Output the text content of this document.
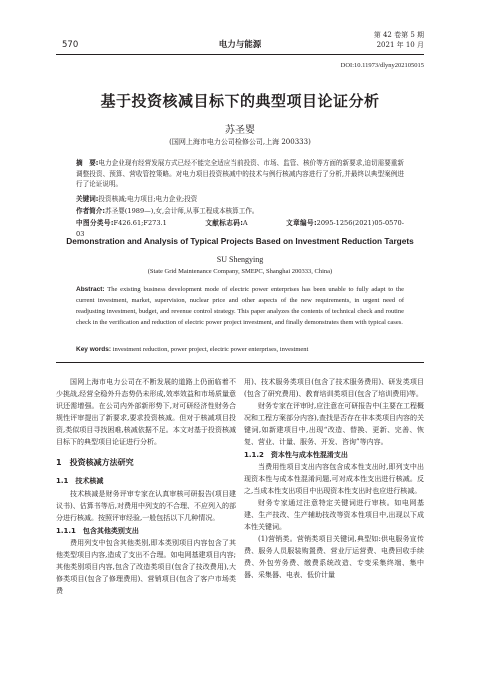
570	电力与能源
第 42 卷第 5 期
2021 年 10 月
DOI:10.11973/dlyny202105015
基于投资核减目标下的典型项目论证分析
苏圣婴
(国网上海市电力公司检修公司,上海 200333)
摘　要:电力企业现有经营发展方式已经不能完全适应当前投资、市场、监管、核价等方面的新要求,迫切需要重新调整投资、预算、营收管控策略。对电力项目投资核减中的技术与例行核减内容进行了分析,并最终以典型案例进行了论证说明。
关键词:投资核减;电力项目;电力企业;投资
作者简介:苏圣婴(1989—),女,会计师,从事工程成本核算工作。
中图分类号:F426.61;F273.1	文献标志码:A	文章编号:2095-1256(2021)05-0570-03
Demonstration and Analysis of Typical Projects Based on Investment Reduction Targets
SU Shengying
(State Grid Maintenance Company, SMEPC, Shanghai 200333, China)
Abstract: The existing business development mode of electric power enterprises has been unable to fully adapt to the current investment, market, supervision, nuclear price and other aspects of the new requirements, in urgent need of readjusting investment, budget, and revenue control strategy. This paper analyzes the contents of technical check and routine check in the verification and reduction of electric power project investment, and finally demonstrates them with typical cases.
Key words: investment reduction, power project, electric power enterprises, investment

国网上海市电力公司在不断发展的道路上仍面临着不少挑战,经营全稳外升态势仍未形成,效率效益和市场质量意识还需增强。在公司内外部新形势下,对可研经济性财务合规性评审提出了新要求,要求投资核减。但对于核减项目投资,类似项目寻找困难,核减依据不足。本文对基于投资核减目标下的典型项目论证进行分析。

1　投资核减方法研究
1.1　技术核减

技术核减是财务评审专家在认真审核可研报告(项目建议书)、估算书等后,对费用中列支的不合理、不应列入的部分进行核减。按照评审经验,一般包括以下几种情况。

1.1.1　包含其他类别支出

费用列支中包含其他类别,即本类别项目内容包含了其他类型项目内容,造成了支出不合理。如电网基建项目内容;其他类别项目内容,包含了改造类项目(包含了技改费用),大修类项目(包含了修理费用)、营销项目(包含了客户市场类费

用)、技术服务类项目(包含了技术服务费用)、研发类项目(包含了研究费用)、教育培训类项目(包含了培训费用)等。

财务专家在评审时,应注意在可研报告中(主要在工程概况和工程方案部分内容),查找是否存在非本类项目内容的关键词,如新建项目中,出现“改造、替换、更新、完善、恢复、营业、计量、服务、开发、咨询”等内容。

1.1.2　资本性与成本性混淆支出

当费用性项目支出内容包含成本性支出时,即列支中出现资本性与成本性混淆问题,可对成本性支出进行核减。反之,当成本性支出项目中出现资本性支出时也应进行核减。

财务专家通过注意特定关键词进行审核。如电网基建、生产技改、生产辅助技改等资本性项目中,出现以下成本性关键词。

(1)营销类。营销类项目关键词,典型如:供电服务宣传费、服务人员服装购置费、营业厅运营费、电费回收手续费、外包劳务费、缴费系统改造、专变采集终端、集中器、采集器、电表、低价计量
